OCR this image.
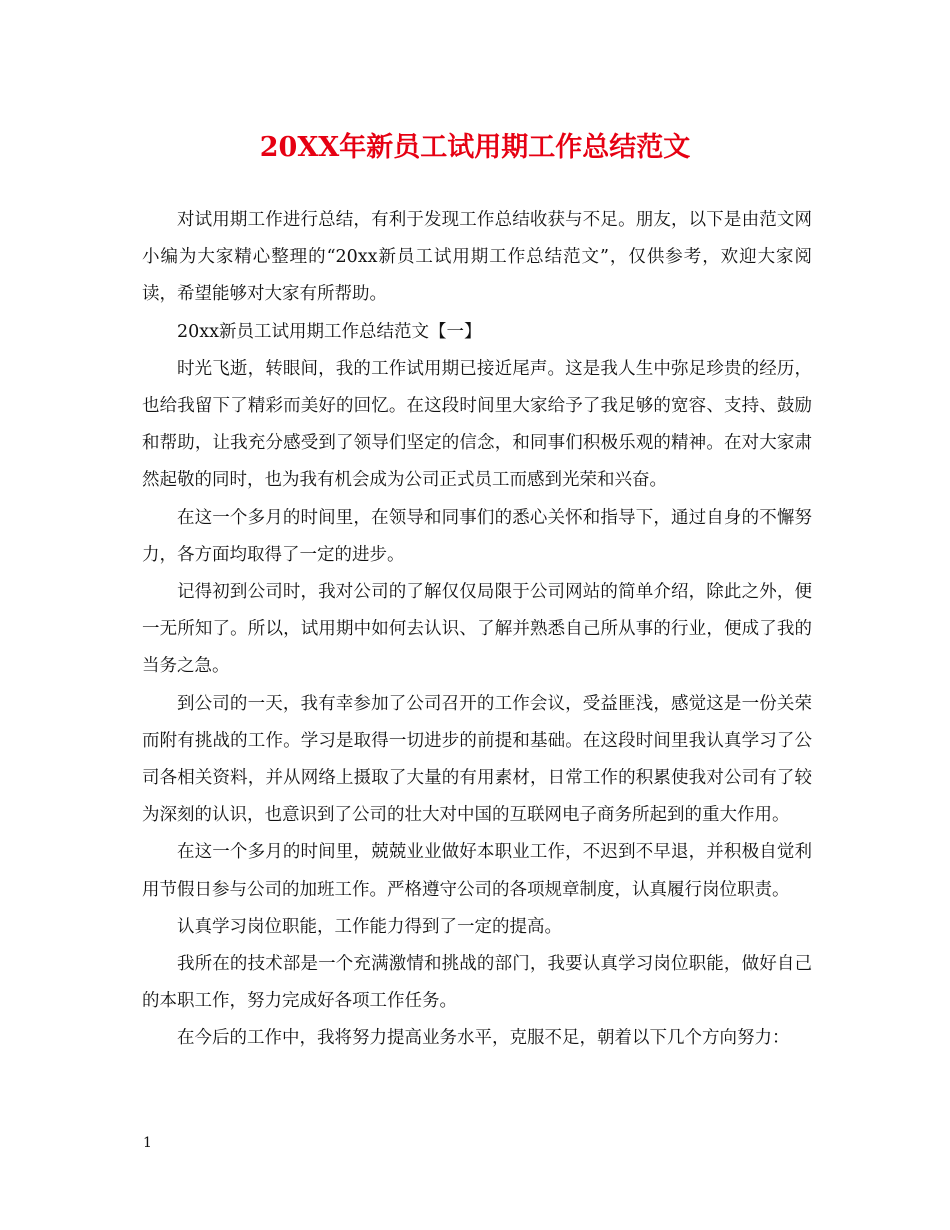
20XX年新员工试用期工作总结范文

对试用期工作进行总结，有利于发现工作总结收获与不足。朋友，以下是由范文网小编为大家精心整理的“20xx新员工试用期工作总结范文”，仅供参考，欢迎大家阅读，希望能够对大家有所帮助。

20xx新员工试用期工作总结范文【一】

时光飞逝，转眼间，我的工作试用期已接近尾声。这是我人生中弥足珍贵的经历，也给我留下了精彩而美好的回忆。在这段时间里大家给予了我足够的宽容、支持、鼓励和帮助，让我充分感受到了领导们坚定的信念，和同事们积极乐观的精神。在对大家肃然起敬的同时，也为我有机会成为公司正式员工而感到光荣和兴奋。

在这一个多月的时间里，在领导和同事们的悉心关怀和指导下，通过自身的不懈努力，各方面均取得了一定的进步。

记得初到公司时，我对公司的了解仅仅局限于公司网站的简单介绍，除此之外，便一无所知了。所以，试用期中如何去认识、了解并熟悉自己所从事的行业，便成了我的当务之急。

到公司的一天，我有幸参加了公司召开的工作会议，受益匪浅，感觉这是一份关荣而附有挑战的工作。学习是取得一切进步的前提和基础。在这段时间里我认真学习了公司各相关资料，并从网络上摄取了大量的有用素材，日常工作的积累使我对公司有了较为深刻的认识，也意识到了公司的壮大对中国的互联网电子商务所起到的重大作用。

在这一个多月的时间里，兢兢业业做好本职业工作，不迟到不早退，并积极自觉利用节假日参与公司的加班工作。严格遵守公司的各项规章制度，认真履行岗位职责。

认真学习岗位职能，工作能力得到了一定的提高。

我所在的技术部是一个充满激情和挑战的部门，我要认真学习岗位职能，做好自己的本职工作，努力完成好各项工作任务。

在今后的工作中，我将努力提高业务水平，克服不足，朝着以下几个方向努力：

1
